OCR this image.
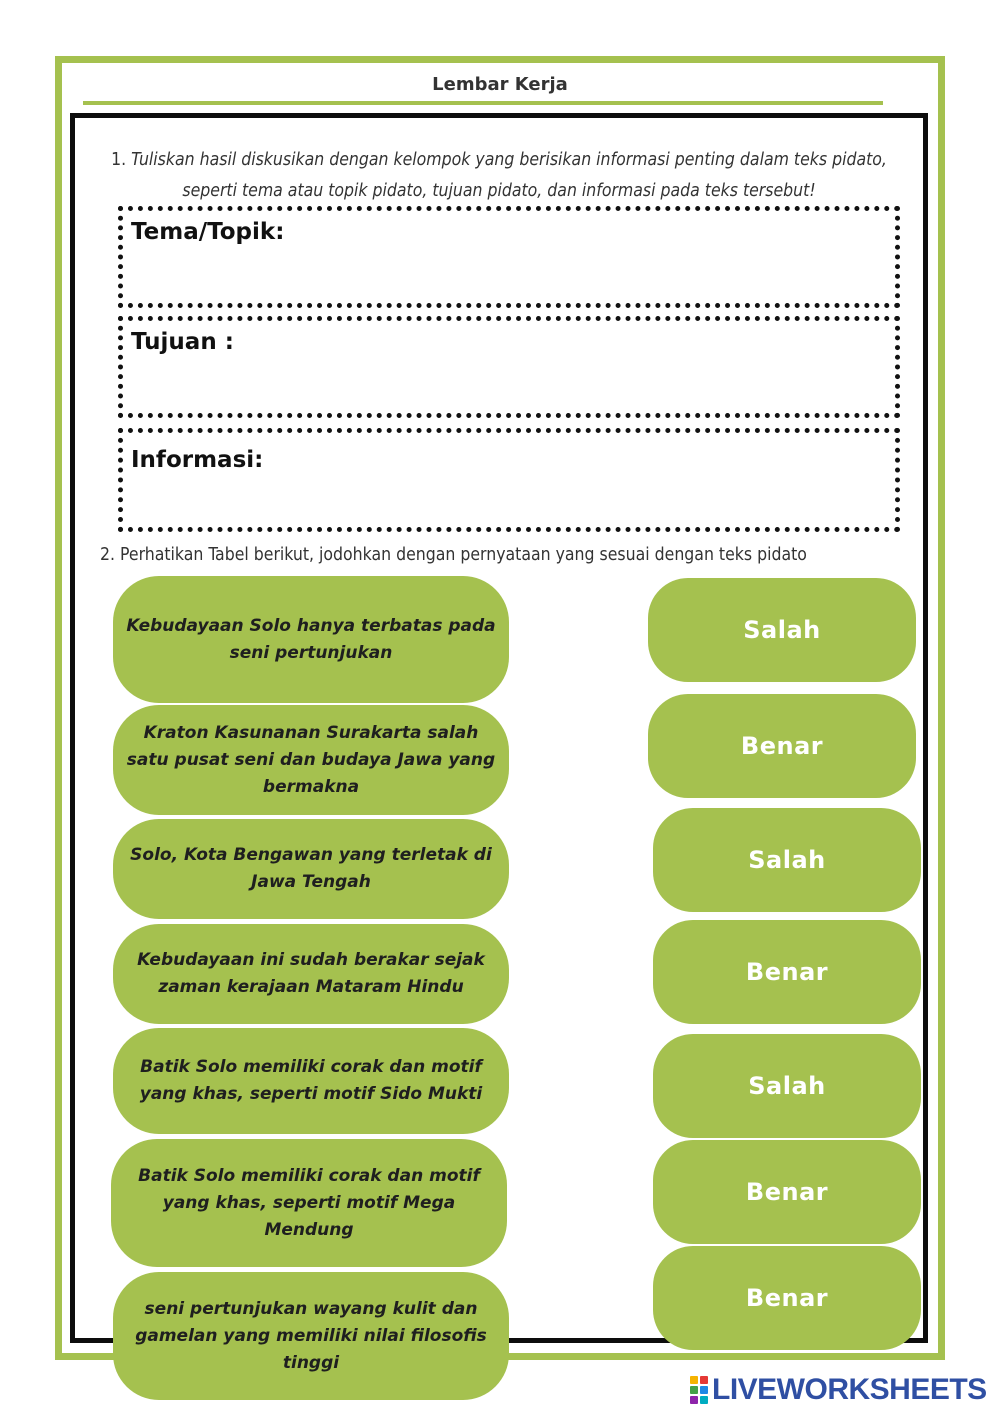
Lembar Kerja
1. Tuliskan hasil diskusikan dengan kelompok yang berisikan informasi penting dalam teks pidato, seperti tema atau topik pidato, tujuan pidato, dan informasi pada teks tersebut!
Tema/Topik:
Tujuan :
Informasi:
2. Perhatikan Tabel berikut, jodohkan dengan pernyataan yang sesuai dengan teks pidato
Kebudayaan Solo hanya terbatas pada seni pertunjukan
Kraton Kasunanan Surakarta salah satu pusat seni dan budaya Jawa yang bermakna
Solo, Kota Bengawan yang terletak di Jawa Tengah
Kebudayaan ini sudah berakar sejak zaman kerajaan Mataram Hindu
Batik Solo memiliki corak dan motif yang khas, seperti motif Sido Mukti
Batik Solo memiliki corak dan motif yang khas, seperti motif Mega Mendung
seni pertunjukan wayang kulit dan gamelan yang memiliki nilai filosofis tinggi
Salah
Benar
Salah
Benar
Salah
Benar
Benar
LIVEWORKSHEETS
